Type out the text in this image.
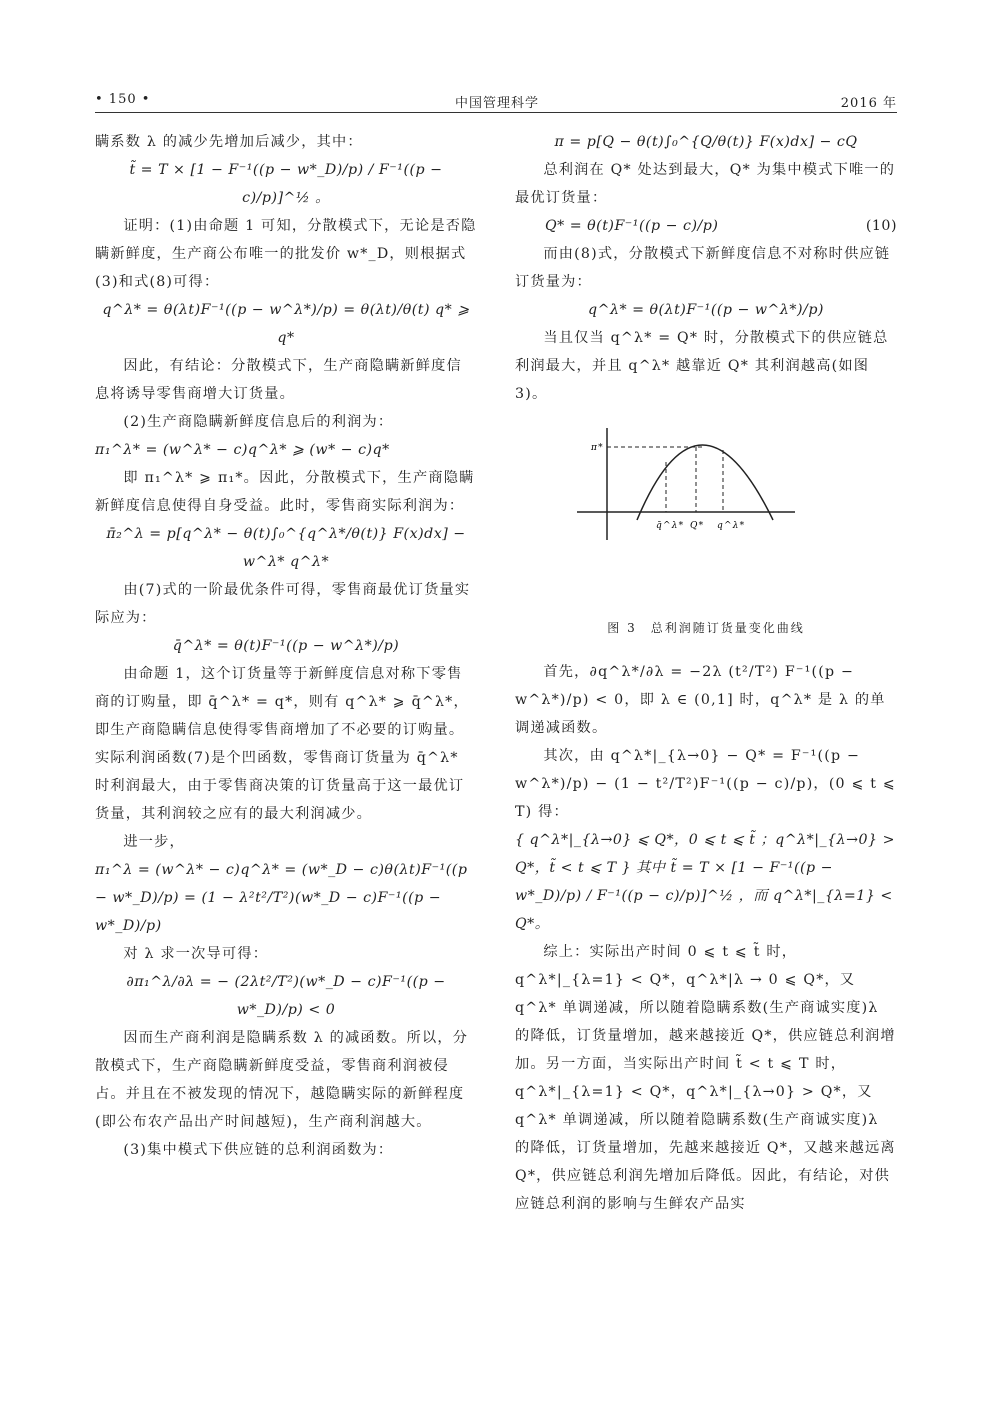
• 150 •	中国管理科学	2016 年

瞒系数 λ 的减少先增加后减少，其中：

t̃ = T × [1 − F⁻¹((p − w*_D)/p) / F⁻¹((p − c)/p)]^½ 。

证明：(1)由命题 1 可知，分散模式下，无论是否隐瞒新鲜度，生产商公布唯一的批发价 w*_D，则根据式(3)和式(8)可得：

q^λ* = θ(λt)F⁻¹((p − w^λ*)/p) = θ(λt)/θ(t) q* ⩾ q*

因此，有结论：分散模式下，生产商隐瞒新鲜度信息将诱导零售商增大订货量。

(2)生产商隐瞒新鲜度信息后的利润为：

π₁^λ* = (w^λ* − c)q^λ* ⩾ (w* − c)q*

即 π₁^λ* ⩾ π₁*。因此，分散模式下，生产商隐瞒新鲜度信息使得自身受益。此时，零售商实际利润为：

π̄₂^λ = p[q^λ* − θ(t)∫₀^{q^λ*/θ(t)} F(x)dx] − w^λ* q^λ*

由(7)式的一阶最优条件可得，零售商最优订货量实际应为：

q̄^λ* = θ(t)F⁻¹((p − w^λ*)/p)

由命题 1，这个订货量等于新鲜度信息对称下零售商的订购量，即 q̄^λ* = q*，则有 q^λ* ⩾ q̄^λ*，即生产商隐瞒信息使得零售商增加了不必要的订购量。实际利润函数(7)是个凹函数，零售商订货量为 q̄^λ* 时利润最大，由于零售商决策的订货量高于这一最优订货量，其利润较之应有的最大利润减少。

进一步，

π₁^λ = (w^λ* − c)q^λ* = (w*_D − c)θ(λt)F⁻¹((p − w*_D)/p) = (1 − λ²t²/T²)(w*_D − c)F⁻¹((p − w*_D)/p)

对 λ 求一次导可得：

∂π₁^λ/∂λ = − (2λt²/T²)(w*_D − c)F⁻¹((p − w*_D)/p) < 0

因而生产商利润是隐瞒系数 λ 的减函数。所以，分散模式下，生产商隐瞒新鲜度受益，零售商利润被侵占。并且在不被发现的情况下，越隐瞒实际的新鲜程度(即公布农产品出产时间越短)，生产商利润越大。

(3)集中模式下供应链的总利润函数为：

π = p[Q − θ(t)∫₀^{Q/θ(t)} F(x)dx] − cQ

总利润在 Q* 处达到最大，Q* 为集中模式下唯一的最优订货量：

Q* = θ(t)F⁻¹((p − c)/p)	(10)

而由(8)式，分散模式下新鲜度信息不对称时供应链订货量为：

q^λ* = θ(λt)F⁻¹((p − w^λ*)/p)

当且仅当 q^λ* = Q* 时，分散模式下的供应链总利润最大，并且 q^λ* 越靠近 Q* 其利润越高(如图 3)。

π*
q̄^λ* Q* q^λ*
图 3　总利润随订货量变化曲线

首先，∂q^λ*/∂λ = −2λ (t²/T²) F⁻¹((p − w^λ*)/p) < 0，即 λ ∈ (0,1] 时，q^λ* 是 λ 的单调递减函数。

其次，由 q^λ*|_{λ→0} − Q* = F⁻¹((p − w^λ*)/p) − (1 − t²/T²)F⁻¹((p − c)/p)，(0 ⩽ t ⩽ T) 得：

{ q^λ*|_{λ→0} ⩽ Q*，0 ⩽ t ⩽ t̃ ；q^λ*|_{λ→0} > Q*，t̃ < t ⩽ T } 其中 t̃ = T × [1 − F⁻¹((p − w*_D)/p) / F⁻¹((p − c)/p)]^½ ，而 q^λ*|_{λ=1} < Q*。

综上：实际出产时间 0 ⩽ t ⩽ t̃ 时，q^λ*|_{λ=1} < Q*，q^λ*|λ → 0 ⩽ Q*，又 q^λ* 单调递减，所以随着隐瞒系数(生产商诚实度)λ 的降低，订货量增加，越来越接近 Q*，供应链总利润增加。另一方面，当实际出产时间 t̃ < t ⩽ T 时，q^λ*|_{λ=1} < Q*，q^λ*|_{λ→0} > Q*，又 q^λ* 单调递减，所以随着隐瞒系数(生产商诚实度)λ 的降低，订货量增加，先越来越接近 Q*，又越来越远离 Q*，供应链总利润先增加后降低。因此，有结论，对供应链总利润的影响与生鲜农产品实
